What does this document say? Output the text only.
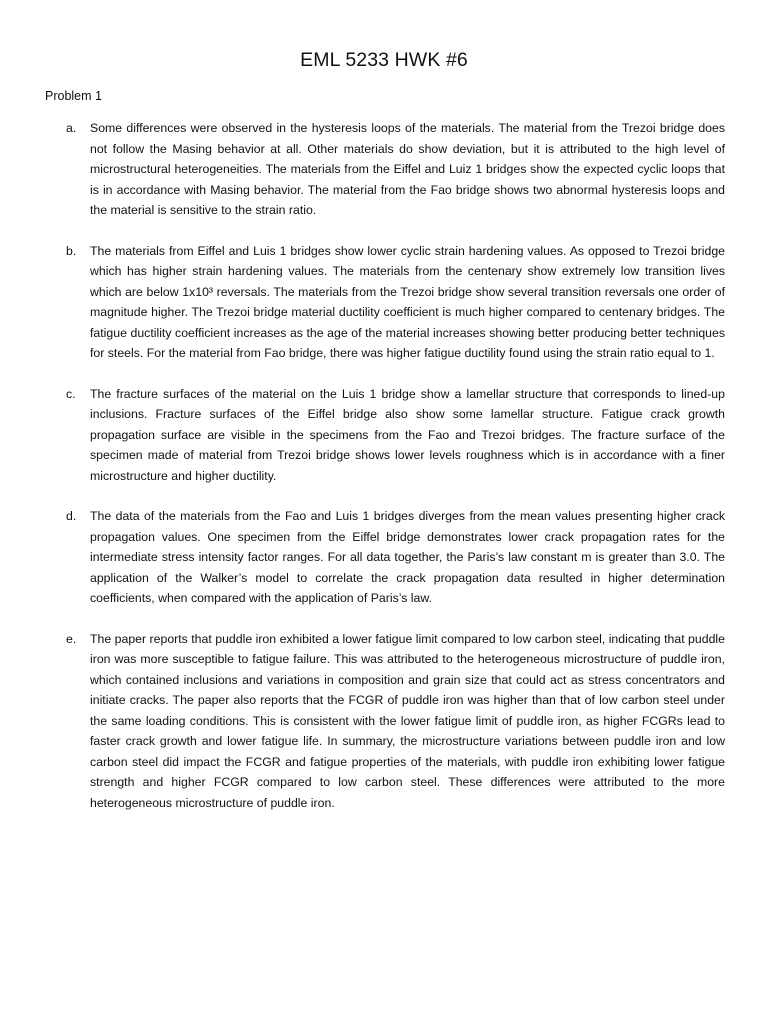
EML 5233 HWK #6
Problem 1
a.	Some differences were observed in the hysteresis loops of the materials. The material from the Trezoi bridge does not follow the Masing behavior at all. Other materials do show deviation, but it is attributed to the high level of microstructural heterogeneities. The materials from the Eiffel and Luiz 1 bridges show the expected cyclic loops that is in accordance with Masing behavior. The material from the Fao bridge shows two abnormal hysteresis loops and the material is sensitive to the strain ratio.
b.	The materials from Eiffel and Luis 1 bridges show lower cyclic strain hardening values. As opposed to Trezoi bridge which has higher strain hardening values. The materials from the centenary show extremely low transition lives which are below 1x10³ reversals. The materials from the Trezoi bridge show several transition reversals one order of magnitude higher. The Trezoi bridge material ductility coefficient is much higher compared to centenary bridges. The fatigue ductility coefficient increases as the age of the material increases showing better producing better techniques for steels. For the material from Fao bridge, there was higher fatigue ductility found using the strain ratio equal to 1.
c.	The fracture surfaces of the material on the Luis 1 bridge show a lamellar structure that corresponds to lined-up inclusions. Fracture surfaces of the Eiffel bridge also show some lamellar structure. Fatigue crack growth propagation surface are visible in the specimens from the Fao and Trezoi bridges. The fracture surface of the specimen made of material from Trezoi bridge shows lower levels roughness which is in accordance with a finer microstructure and higher ductility.
d.	The data of the materials from the Fao and Luis 1 bridges diverges from the mean values presenting higher crack propagation values. One specimen from the Eiffel bridge demonstrates lower crack propagation rates for the intermediate stress intensity factor ranges. For all data together, the Paris’s law constant m is greater than 3.0. The application of the Walker’s model to correlate the crack propagation data resulted in higher determination coefficients, when compared with the application of Paris’s law.
e.	The paper reports that puddle iron exhibited a lower fatigue limit compared to low carbon steel, indicating that puddle iron was more susceptible to fatigue failure. This was attributed to the heterogeneous microstructure of puddle iron, which contained inclusions and variations in composition and grain size that could act as stress concentrators and initiate cracks. The paper also reports that the FCGR of puddle iron was higher than that of low carbon steel under the same loading conditions. This is consistent with the lower fatigue limit of puddle iron, as higher FCGRs lead to faster crack growth and lower fatigue life. In summary, the microstructure variations between puddle iron and low carbon steel did impact the FCGR and fatigue properties of the materials, with puddle iron exhibiting lower fatigue strength and higher FCGR compared to low carbon steel. These differences were attributed to the more heterogeneous microstructure of puddle iron.
